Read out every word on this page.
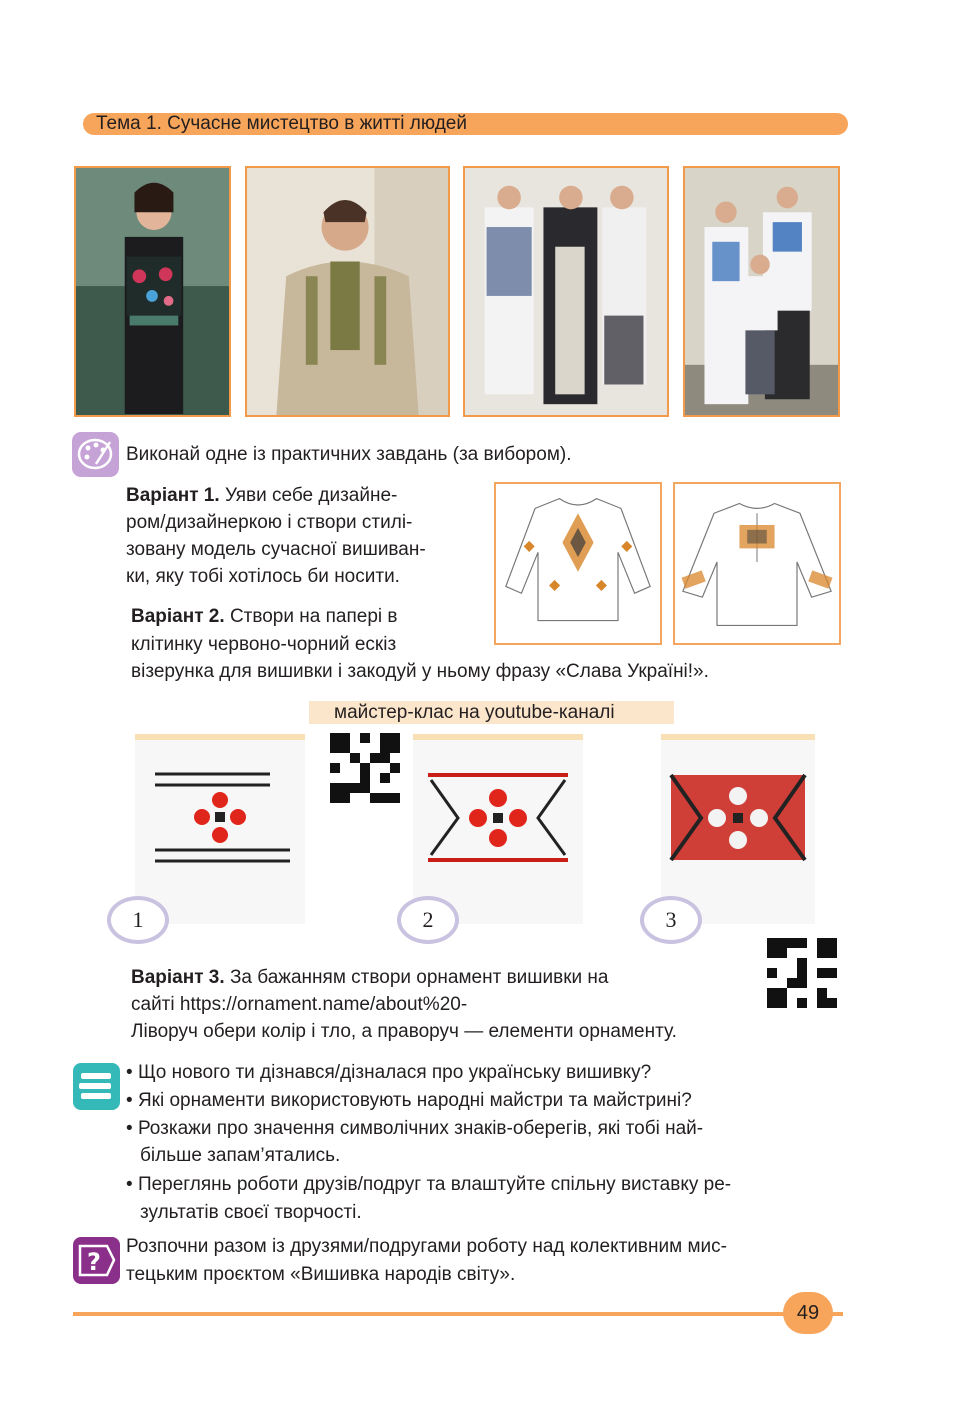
Тема 1. Сучасне мистецтво в житті людей
Виконай одне із практичних завдань (за вибором).
Варіант 1. Уяви себе дизайне-
ром/дизайнеркою і створи стилі-
зовану модель сучасної вишиван-
ки, яку тобі хотілось би носити.
Варіант 2. Створи на папері в
клітинку червоно-чорний ескіз
візерунка для вишивки і закодуй у ньому фразу «Слава Україні!».
майстер-клас на youtube-каналі
1	2	3
Варіант 3. За бажанням створи орнамент вишивки на
сайті https://ornament.name/about%20-
Ліворуч обери колір і тло, а праворуч — елементи орнаменту.
• Що нового ти дізнався/дізналася про українську вишивку?
• Які орнаменти використовують народні майстри та майстрині?
• Розкажи про значення символічних знаків-оберегів, які тобі най-
більше запам’ятались.
• Переглянь роботи друзів/подруг та влаштуйте спільну виставку ре-
зультатів своєї творчості.
?
Розпочни разом із друзями/подругами роботу над колективним мис-
тецьким проєктом «Вишивка народів світу».
49
